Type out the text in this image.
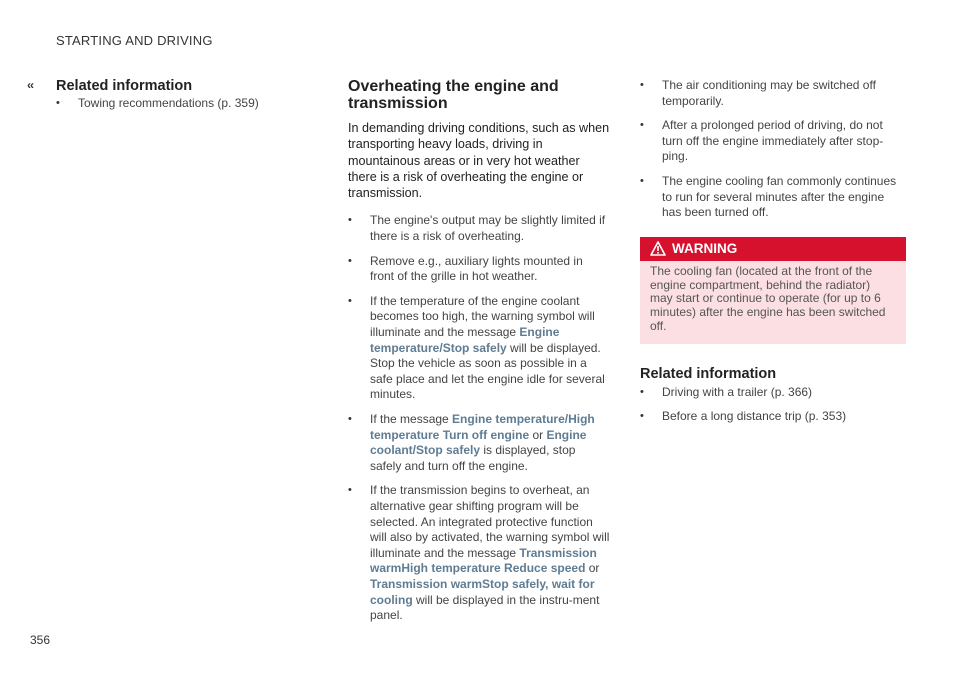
STARTING AND DRIVING
‹‹ Related information
• Towing recommendations (p. 359)
Overheating the engine and transmission

In demanding driving conditions, such as when transporting heavy loads, driving in mountainous areas or in very hot weather there is a risk of overheating the engine or transmission.

• The engine's output may be slightly limited if there is a risk of overheating.
• Remove e.g., auxiliary lights mounted in front of the grille in hot weather.
• If the temperature of the engine coolant becomes too high, the warning symbol will illuminate and the message Engine temperature/Stop safely will be displayed. Stop the vehicle as soon as possible in a safe place and let the engine idle for several minutes.
• If the message Engine temperature/High temperature Turn off engine or Engine coolant/Stop safely is displayed, stop safely and turn off the engine.
• If the transmission begins to overheat, an alternative gear shifting program will be selected. An integrated protective function will also by activated, the warning symbol will illuminate and the message Transmission warmHigh temperature Reduce speed or Transmission warmStop safely, wait for cooling will be displayed in the instru-ment panel.
• The air conditioning may be switched off temporarily.
• After a prolonged period of driving, do not turn off the engine immediately after stop-ping.
• The engine cooling fan commonly continues to run for several minutes after the engine has been turned off.
WARNING
The cooling fan (located at the front of the engine compartment, behind the radiator) may start or continue to operate (for up to 6 minutes) after the engine has been switched off.
Related information
• Driving with a trailer (p. 366)
• Before a long distance trip (p. 353)
356
